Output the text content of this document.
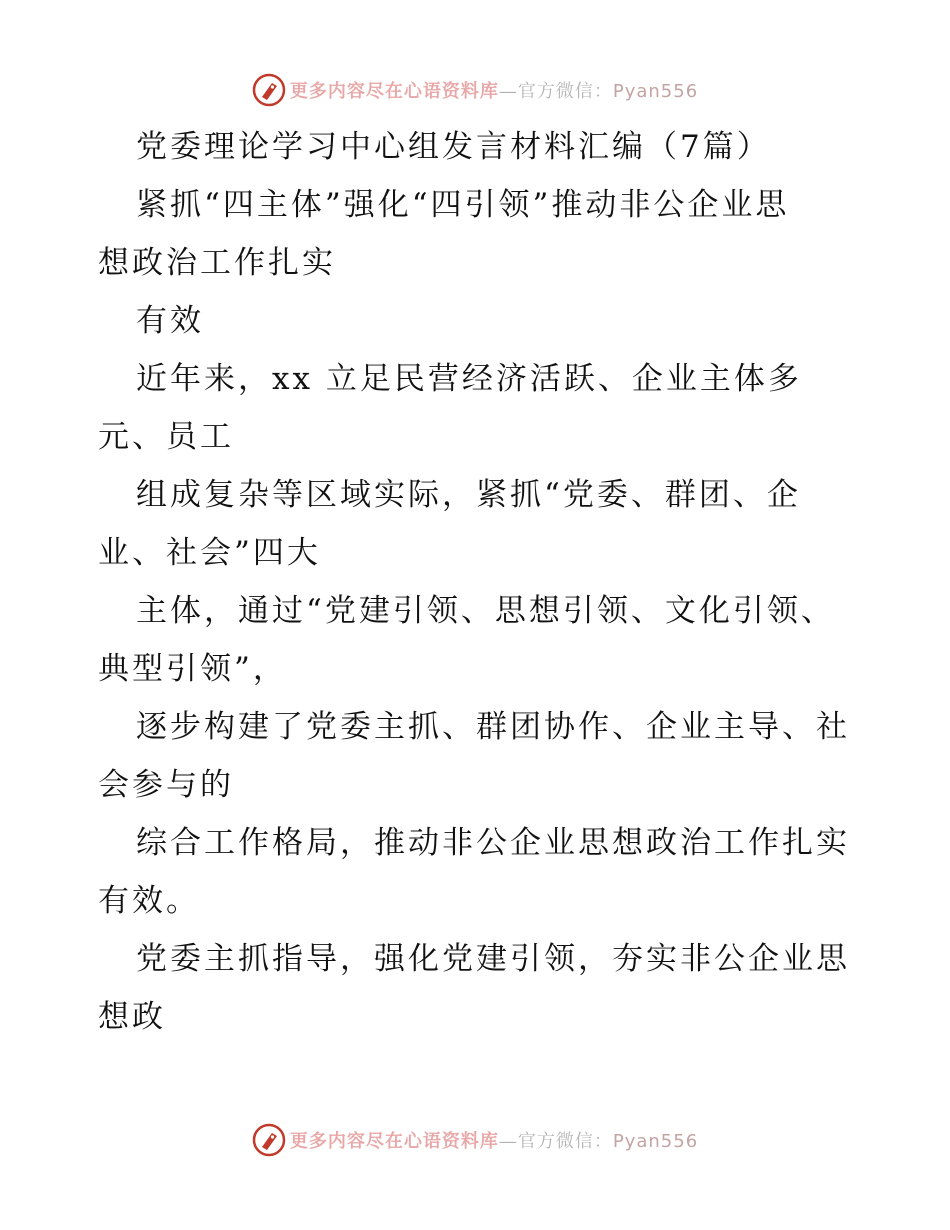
更多内容尽在心语资料库—官方微信：Pyan556

党委理论学习中心组发言材料汇编（7篇）

紧抓“四主体”强化“四引领”推动非公企业思

想政治工作扎实

有效

近年来，xx 立足民营经济活跃、企业主体多

元、员工

组成复杂等区域实际，紧抓“党委、群团、企

业、社会”四大

主体，通过“党建引领、思想引领、文化引领、

典型引领”，

逐步构建了党委主抓、群团协作、企业主导、社

会参与的

综合工作格局，推动非公企业思想政治工作扎实

有效。

党委主抓指导，强化党建引领，夯实非公企业思

想政

更多内容尽在心语资料库—官方微信：Pyan556
